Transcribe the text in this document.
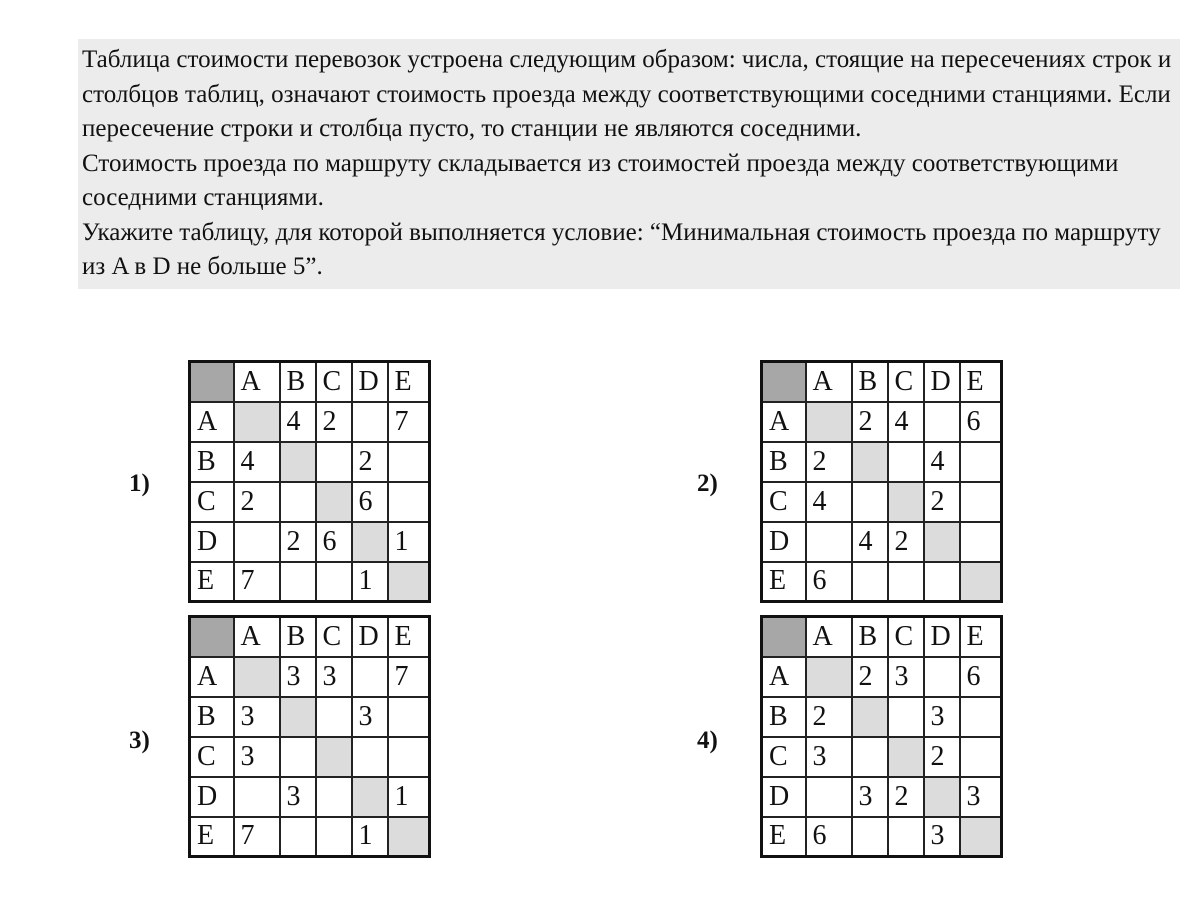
Таблица стоимости перевозок устроена следующим образом: числа, стоящие на пересечениях строк и столбцов таблиц, означают стоимость проезда между соответствующими соседними станциями. Если пересечение строки и столбца пусто, то станции не являются соседними.

Стоимость проезда по маршруту складывается из стоимостей проезда между соответствующими соседними станциями.

Укажите таблицу, для которой выполняется условие: “Минимальная стоимость проезда по маршруту из A в D не больше 5”.

1)
	A	B	C	D	E
A		4	2		7
B	4			2	
C	2			6	
D		2	6		1
E	7			1	
2)
	A	B	C	D	E
A		2	4		6
B	2			4	
C	4			2	
D		4	2		
E	6				
3)
	A	B	C	D	E
A		3	3		7
B	3			3	
C	3				
D		3			1
E	7			1	
4)
	A	B	C	D	E
A		2	3		6
B	2			3	
C	3			2	
D		3	2		3
E	6			3	
